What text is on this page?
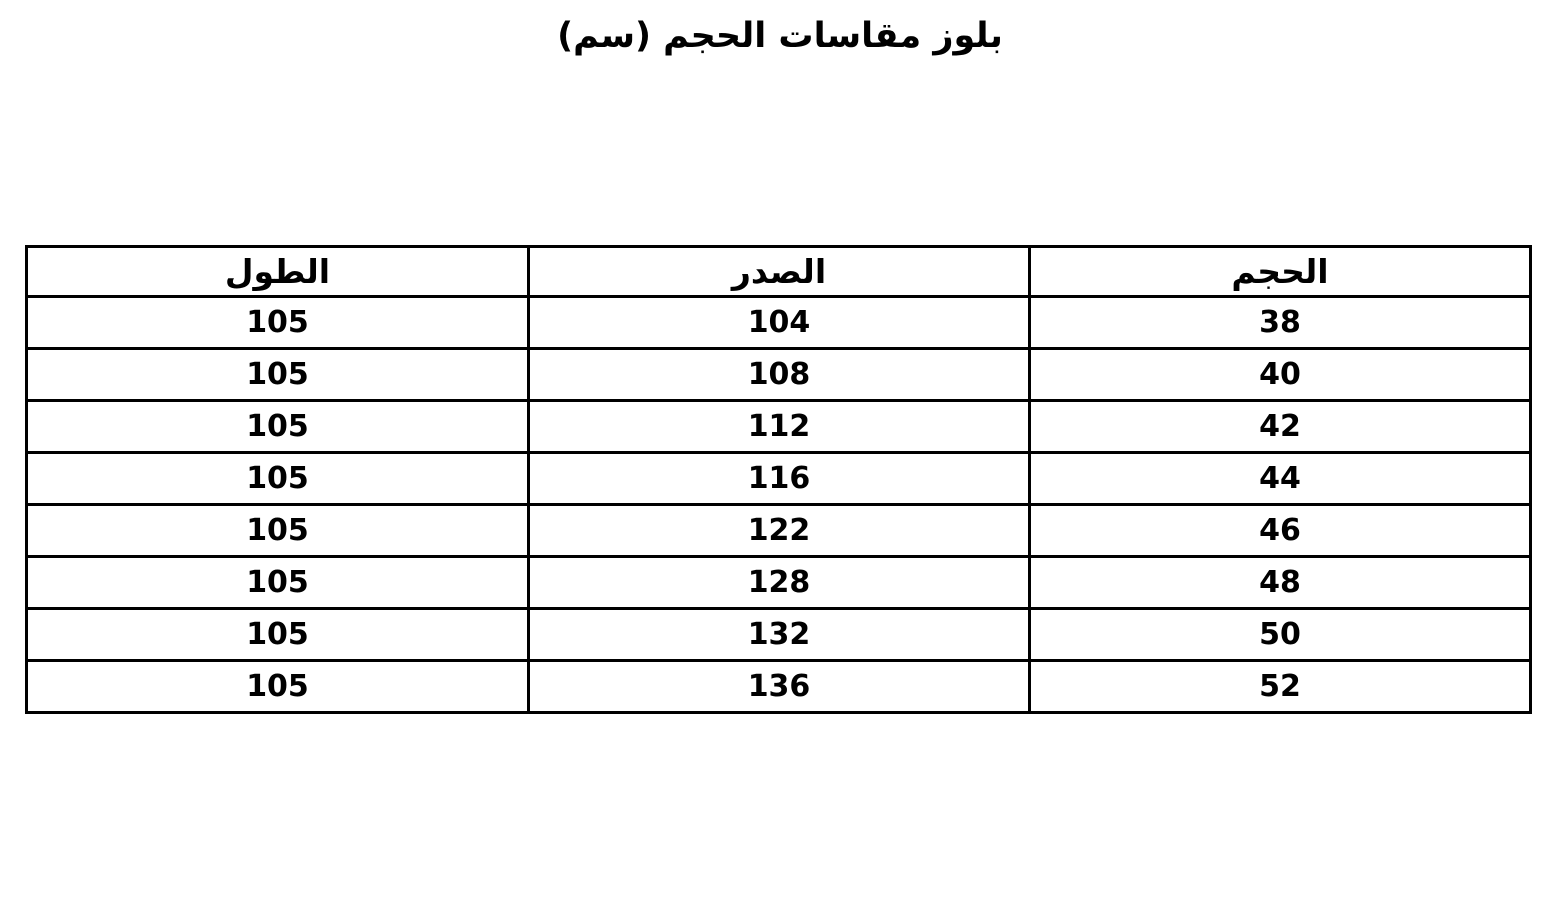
بلوز مقاسات الحجم (سم)
الحجم	الصدر	الطول
38	104	105
40	108	105
42	112	105
44	116	105
46	122	105
48	128	105
50	132	105
52	136	105
